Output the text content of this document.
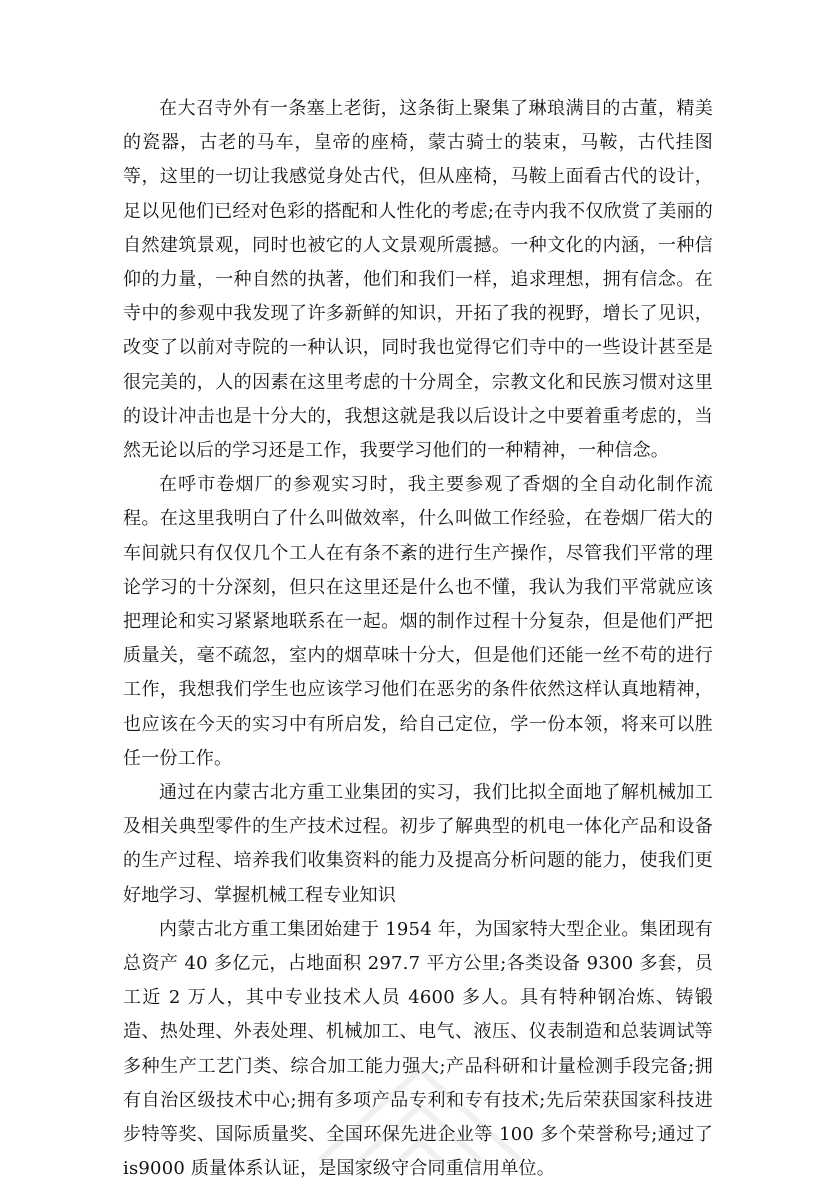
在大召寺外有一条塞上老街，这条街上聚集了琳琅满目的古董，精美的瓷器，古老的马车，皇帝的座椅，蒙古骑士的装束，马鞍，古代挂图等，这里的一切让我感觉身处古代，但从座椅，马鞍上面看古代的设计，足以见他们已经对色彩的搭配和人性化的考虑;在寺内我不仅欣赏了美丽的自然建筑景观，同时也被它的人文景观所震撼。一种文化的内涵，一种信仰的力量，一种自然的执著，他们和我们一样，追求理想，拥有信念。在寺中的参观中我发现了许多新鲜的知识，开拓了我的视野，增长了见识，改变了以前对寺院的一种认识，同时我也觉得它们寺中的一些设计甚至是很完美的，人的因素在这里考虑的十分周全，宗教文化和民族习惯对这里的设计冲击也是十分大的，我想这就是我以后设计之中要着重考虑的，当然无论以后的学习还是工作，我要学习他们的一种精神，一种信念。

在呼市卷烟厂的参观实习时，我主要参观了香烟的全自动化制作流程。在这里我明白了什么叫做效率，什么叫做工作经验，在卷烟厂偌大的车间就只有仅仅几个工人在有条不紊的进行生产操作，尽管我们平常的理论学习的十分深刻，但只在这里还是什么也不懂，我认为我们平常就应该把理论和实习紧紧地联系在一起。烟的制作过程十分复杂，但是他们严把质量关，毫不疏忽，室内的烟草味十分大，但是他们还能一丝不苟的进行工作，我想我们学生也应该学习他们在恶劣的条件依然这样认真地精神，也应该在今天的实习中有所启发，给自己定位，学一份本领，将来可以胜任一份工作。

通过在内蒙古北方重工业集团的实习，我们比拟全面地了解机械加工及相关典型零件的生产技术过程。初步了解典型的机电一体化产品和设备的生产过程、培养我们收集资料的能力及提高分析问题的能力，使我们更好地学习、掌握机械工程专业知识

内蒙古北方重工集团始建于 1954 年，为国家特大型企业。集团现有总资产 40 多亿元，占地面积 297.7 平方公里;各类设备 9300 多套，员工近 2 万人，其中专业技术人员 4600 多人。具有特种钢冶炼、铸锻造、热处理、外表处理、机械加工、电气、液压、仪表制造和总装调试等多种生产工艺门类、综合加工能力强大;产品科研和计量检测手段完备;拥有自治区级技术中心;拥有多项产品专利和专有技术;先后荣获国家科技进步特等奖、国际质量奖、全国环保先进企业等 100 多个荣誉称号;通过了 is9000 质量体系认证，是国家级守合同重信用单位。
